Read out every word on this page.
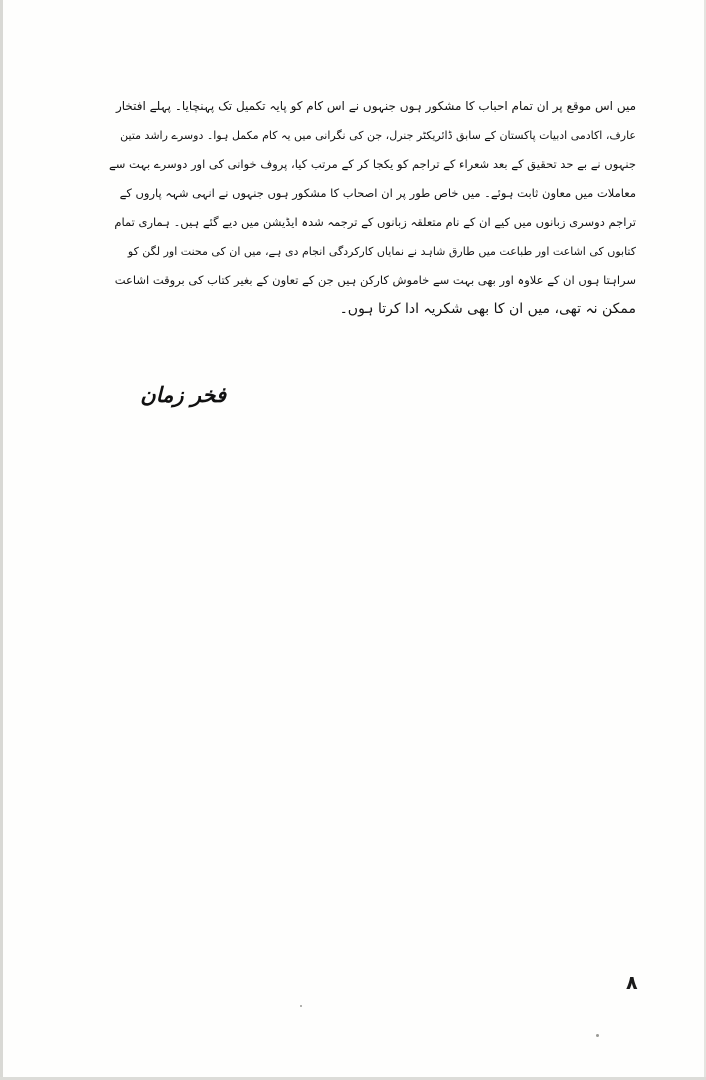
میں اس موقع پر ان تمام احباب کا مشکور ہوں جنہوں نے اس کام کو پایہ تکمیل تک پہنچایا۔ پہلے افتخار
عارف، اکادمی ادبیات پاکستان کے سابق ڈائریکٹر جنرل، جن کی نگرانی میں یہ کام مکمل ہوا۔ دوسرے راشد متین
جنہوں نے بے حد تحقیق کے بعد شعراء کے تراجم کو یکجا کر کے مرتب کیا، پروف خوانی کی اور دوسرے بہت سے
معاملات میں معاون ثابت ہوئے۔ میں خاص طور پر ان اصحاب کا مشکور ہوں جنہوں نے انہی شہہ پاروں کے
تراجم دوسری زبانوں میں کیے ان کے نام متعلقہ زبانوں کے ترجمہ شدہ ایڈیشن میں دیے گئے ہیں۔ ہماری تمام
کتابوں کی اشاعت اور طباعت میں طارق شاہد نے نمایاں کارکردگی انجام دی ہے، میں ان کی محنت اور لگن کو
سراہتا ہوں ان کے علاوہ اور بھی بہت سے خاموش کارکن ہیں جن کے تعاون کے بغیر کتاب کی بروقت اشاعت
ممکن نہ تھی، میں ان کا بھی شکریہ ادا کرتا ہوں۔
فخر زمان
۸
